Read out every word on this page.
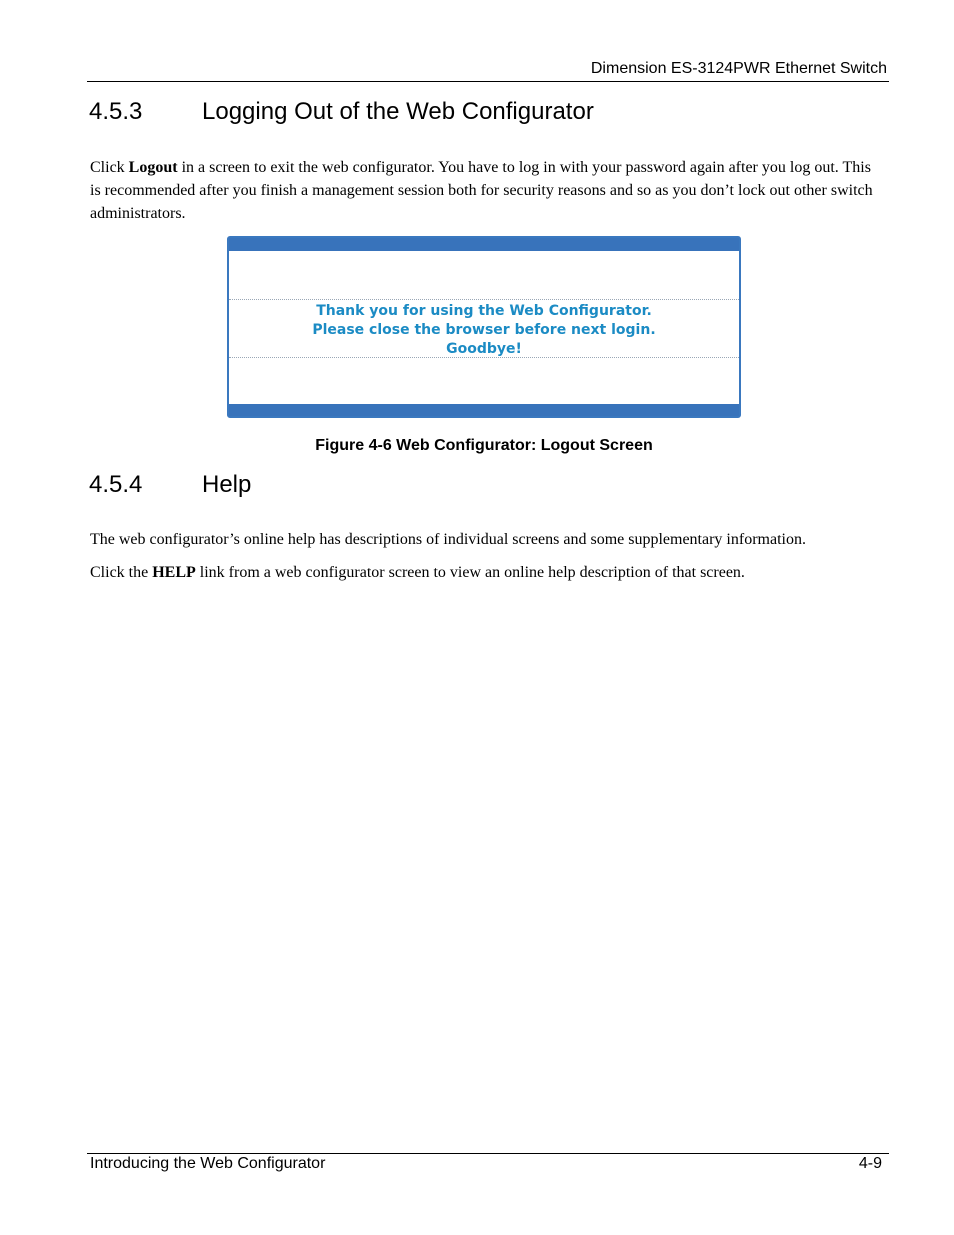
Dimension ES-3124PWR Ethernet Switch
4.5.3 Logging Out of the Web Configurator

Click Logout in a screen to exit the web configurator. You have to log in with your password again after you log out. This is recommended after you finish a management session both for security reasons and so as you don’t lock out other switch administrators.

Thank you for using the Web Configurator.
Please close the browser before next login.
Goodbye!
Figure 4-6 Web Configurator: Logout Screen
4.5.4 Help

The web configurator’s online help has descriptions of individual screens and some supplementary information.

Click the HELP link from a web configurator screen to view an online help description of that screen.

Introducing the Web Configurator	4-9
